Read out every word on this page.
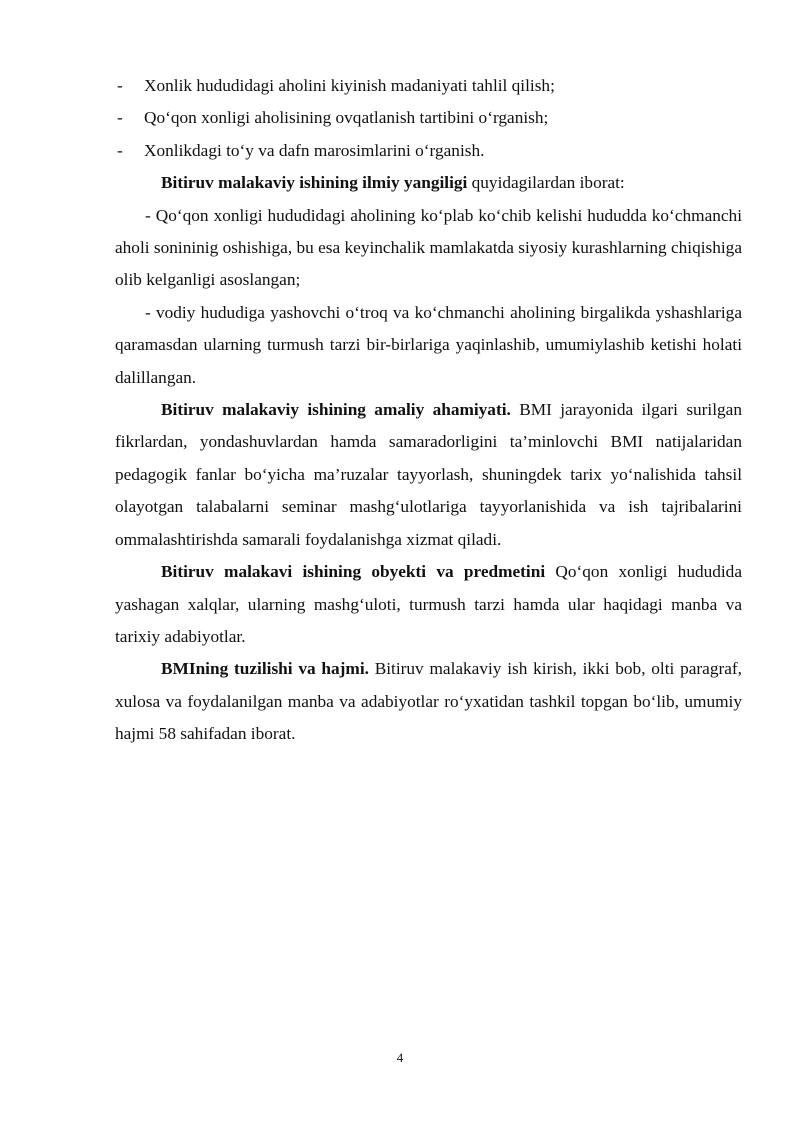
- Xonlik hududidagi aholini kiyinish madaniyati tahlil qilish;
- Qo‘qon xonligi aholisining ovqatlanish tartibini o‘rganish;
- Xonlikdagi to‘y va dafn marosimlarini o‘rganish.

Bitiruv malakaviy ishining ilmiy yangiligi quyidagilardan iborat:

- Qo‘qon xonligi hududidagi aholining ko‘plab ko‘chib kelishi hududda ko‘chmanchi aholi sonininig oshishiga, bu esa keyinchalik mamlakatda siyosiy kurashlarning chiqishiga olib kelganligi asoslangan;

- vodiy hududiga yashovchi o‘troq va ko‘chmanchi aholining birgalikda yshashlariga qaramasdan ularning turmush tarzi bir-birlariga yaqinlashib, umumiylashib ketishi holati dalillangan.

Bitiruv malakaviy ishining amaliy ahamiyati. BMI jarayonida ilgari surilgan fikrlardan, yondashuvlardan hamda samaradorligini ta’minlovchi BMI natijalaridan pedagogik fanlar bo‘yicha ma’ruzalar tayyorlash, shuningdek tarix yo‘nalishida tahsil olayotgan talabalarni seminar mashg‘ulotlariga tayyorlanishida va ish tajribalarini ommalashtirishda samarali foydalanishga xizmat qiladi.

Bitiruv malakavi ishining obyekti va predmetini Qo‘qon xonligi hududida yashagan xalqlar, ularning mashg‘uloti, turmush tarzi hamda ular haqidagi manba va tarixiy adabiyotlar.

BMIning tuzilishi va hajmi. Bitiruv malakaviy ish kirish, ikki bob, olti paragraf, xulosa va foydalanilgan manba va adabiyotlar ro‘yxatidan tashkil topgan bo‘lib, umumiy hajmi 58 sahifadan iborat.

4
